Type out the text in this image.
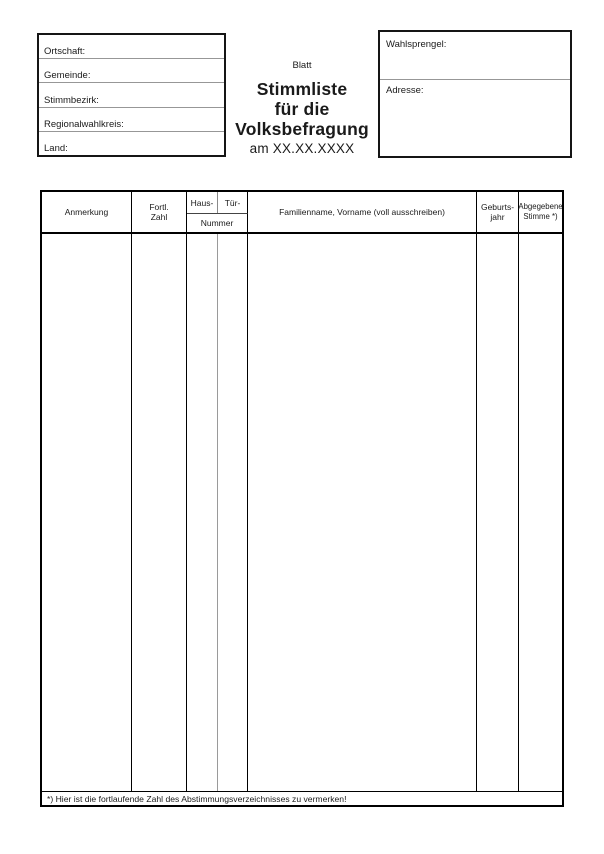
Ortschaft:
Gemeinde:
Stimmbezirk:
Regionalwahlkreis:
Land:
Blatt
Stimmliste
für die
Volksbefragung
am XX.XX.XXXX
Wahlsprengel:
Adresse:
Anmerkung	Fortl.
Zahl
Haus- Tür-
Nummer
Familienname, Vorname (voll ausschreiben)	Geburts-
jahr
Abgegebene
Stimme *)
*) Hier ist die fortlaufende Zahl des Abstimmungsverzeichnisses zu vermerken!
